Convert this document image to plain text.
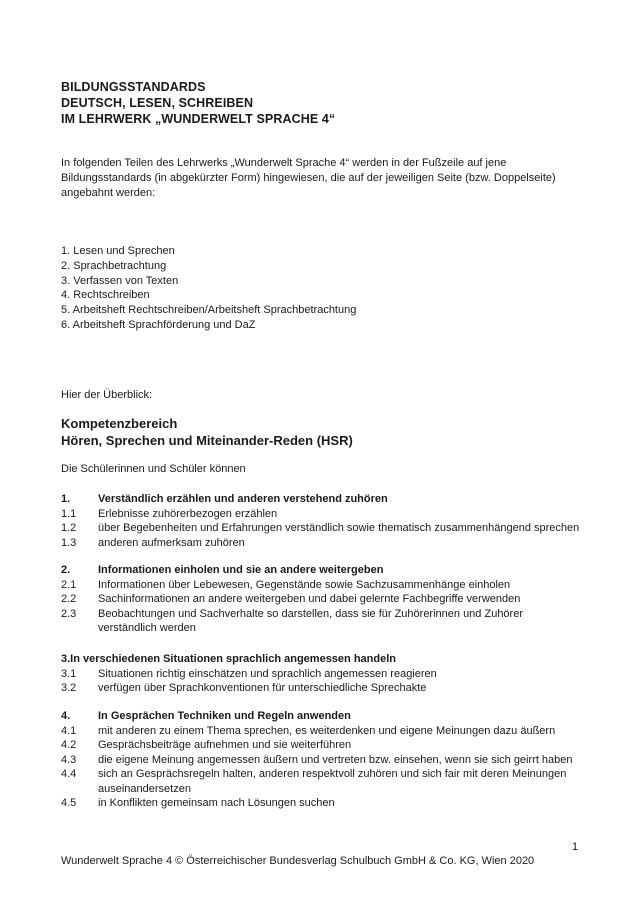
BILDUNGSSTANDARDS
DEUTSCH, LESEN, SCHREIBEN
IM LEHRWERK „WUNDERWELT SPRACHE 4“
In folgenden Teilen des Lehrwerks „Wunderwelt Sprache 4“ werden in der Fußzeile auf jene Bildungsstandards (in abgekürzter Form) hingewiesen, die auf der jeweiligen Seite (bzw. Doppelseite) angebahnt werden:
1. Lesen und Sprechen
2. Sprachbetrachtung
3. Verfassen von Texten
4. Rechtschreiben
5. Arbeitsheft Rechtschreiben/Arbeitsheft Sprachbetrachtung
6. Arbeitsheft Sprachförderung und DaZ
Hier der Überblick:
Kompetenzbereich
Hören, Sprechen und Miteinander-Reden (HSR)
Die Schülerinnen und Schüler können
1.	Verständlich erzählen und anderen verstehend zuhören
1.1	Erlebnisse zuhörerbezogen erzählen
1.2	über Begebenheiten und Erfahrungen verständlich sowie thematisch zusammenhängend sprechen
1.3	anderen aufmerksam zuhören
2.	Informationen einholen und sie an andere weitergeben
2.1	Informationen über Lebewesen, Gegenstände sowie Sachzusammenhänge einholen
2.2	Sachinformationen an andere weitergeben und dabei gelernte Fachbegriffe verwenden
2.3	Beobachtungen und Sachverhalte so darstellen, dass sie für Zuhörerinnen und Zuhörer verständlich werden
3.In verschiedenen Situationen sprachlich angemessen handeln
3.1	Situationen richtig einschätzen und sprachlich angemessen reagieren
3.2	verfügen über Sprachkonventionen für unterschiedliche Sprechakte
4.	In Gesprächen Techniken und Regeln anwenden
4.1	mit anderen zu einem Thema sprechen, es weiterdenken und eigene Meinungen dazu äußern
4.2	Gesprächsbeiträge aufnehmen und sie weiterführen
4.3	die eigene Meinung angemessen äußern und vertreten bzw. einsehen, wenn sie sich geirrt haben
4.4	sich an Gesprächsregeln halten, anderen respektvoll zuhören und sich fair mit deren Meinungen auseinandersetzen
4.5	in Konflikten gemeinsam nach Lösungen suchen
1
Wunderwelt Sprache 4 © Österreichischer Bundesverlag Schulbuch GmbH & Co. KG, Wien 2020
